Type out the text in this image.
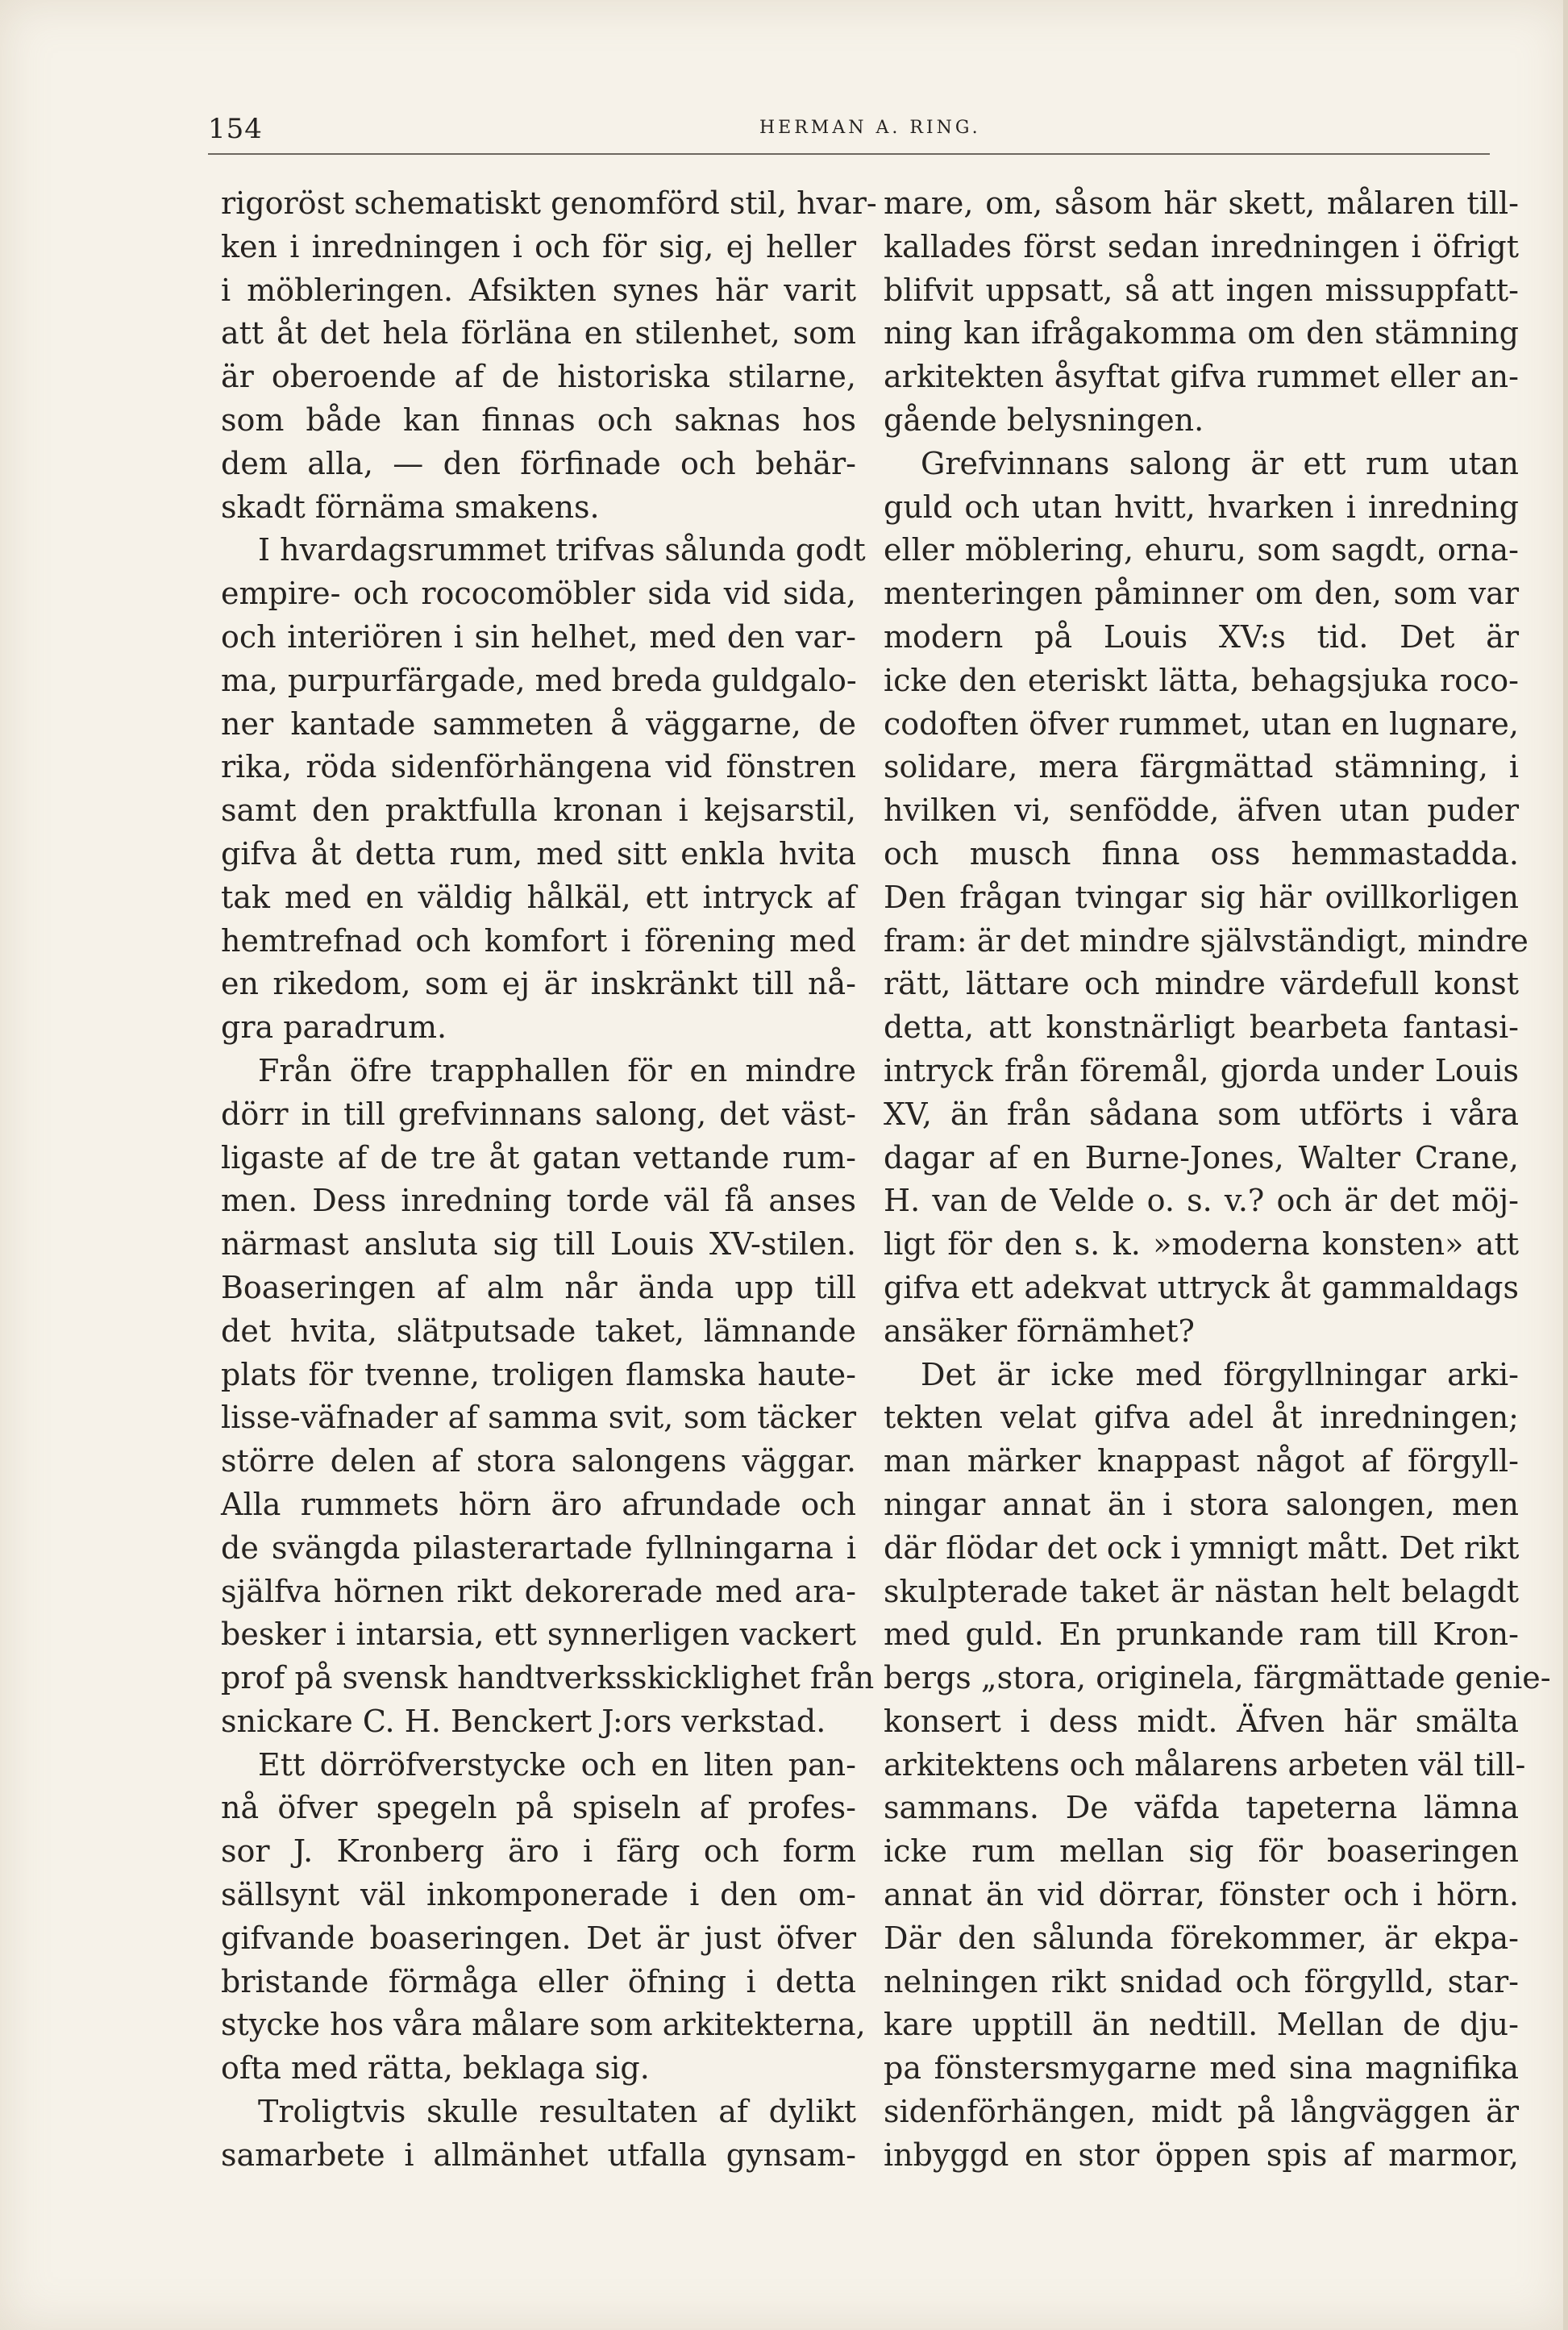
154	HERMAN A. RING.
rigoröst schematiskt genomförd stil, hvar-
ken i inredningen i och för sig, ej heller
i möbleringen. Afsikten synes här varit
att åt det hela förläna en stilenhet, som
är oberoende af de historiska stilarne,
som både kan finnas och saknas hos
dem alla, — den förfinade och behär-
skadt förnäma smakens.
I hvardagsrummet trifvas sålunda godt
empire- och rococomöbler sida vid sida,
och interiören i sin helhet, med den var-
ma, purpurfärgade, med breda guldgalo-
ner kantade sammeten å väggarne, de
rika, röda sidenförhängena vid fönstren
samt den praktfulla kronan i kejsarstil,
gifva åt detta rum, med sitt enkla hvita
tak med en väldig hålkäl, ett intryck af
hemtrefnad och komfort i förening med
en rikedom, som ej är inskränkt till nå-
gra paradrum.
Från öfre trapphallen för en mindre
dörr in till grefvinnans salong, det väst-
ligaste af de tre åt gatan vettande rum-
men. Dess inredning torde väl få anses
närmast ansluta sig till Louis XV-stilen.
Boaseringen af alm når ända upp till
det hvita, slätputsade taket, lämnande
plats för tvenne, troligen flamska haute-
lisse-väfnader af samma svit, som täcker
större delen af stora salongens väggar.
Alla rummets hörn äro afrundade och
de svängda pilasterartade fyllningarna i
själfva hörnen rikt dekorerade med ara-
besker i intarsia, ett synnerligen vackert
prof på svensk handtverksskicklighet från
snickare C. H. Benckert J:ors verkstad.
Ett dörröfverstycke och en liten pan-
nå öfver spegeln på spiseln af profes-
sor J. Kronberg äro i färg och form
sällsynt väl inkomponerade i den om-
gifvande boaseringen. Det är just öfver
bristande förmåga eller öfning i detta
stycke hos våra målare som arkitekterna,
ofta med rätta, beklaga sig.
Troligtvis skulle resultaten af dylikt
samarbete i allmänhet utfalla gynsam-
mare, om, såsom här skett, målaren till-
kallades först sedan inredningen i öfrigt
blifvit uppsatt, så att ingen missuppfatt-
ning kan ifrågakomma om den stämning
arkitekten åsyftat gifva rummet eller an-
gående belysningen.
Grefvinnans salong är ett rum utan
guld och utan hvitt, hvarken i inredning
eller möblering, ehuru, som sagdt, orna-
menteringen påminner om den, som var
modern på Louis XV:s tid. Det är
icke den eteriskt lätta, behagsjuka roco-
codoften öfver rummet, utan en lugnare,
solidare, mera färgmättad stämning, i
hvilken vi, senfödde, äfven utan puder
och musch finna oss hemmastadda.
Den frågan tvingar sig här ovillkorligen
fram: är det mindre självständigt, mindre
rätt, lättare och mindre värdefull konst
detta, att konstnärligt bearbeta fantasi-
intryck från föremål, gjorda under Louis
XV, än från sådana som utförts i våra
dagar af en Burne-Jones, Walter Crane,
H. van de Velde o. s. v.? och är det möj-
ligt för den s. k. »moderna konsten» att
gifva ett adekvat uttryck åt gammaldags
ansäker förnämhet?
Det är icke med förgyllningar arki-
tekten velat gifva adel åt inredningen;
man märker knappast något af förgyll-
ningar annat än i stora salongen, men
där flödar det ock i ymnigt mått. Det rikt
skulpterade taket är nästan helt belagdt
med guld. En prunkande ram till Kron-
bergs „stora, originela, färgmättade genie-
konsert i dess midt. Äfven här smälta
arkitektens och målarens arbeten väl till-
sammans. De väfda tapeterna lämna
icke rum mellan sig för boaseringen
annat än vid dörrar, fönster och i hörn.
Där den sålunda förekommer, är ekpa-
nelningen rikt snidad och förgylld, star-
kare upptill än nedtill. Mellan de dju-
pa fönstersmygarne med sina magnifika
sidenförhängen, midt på långväggen är
inbyggd en stor öppen spis af marmor,
